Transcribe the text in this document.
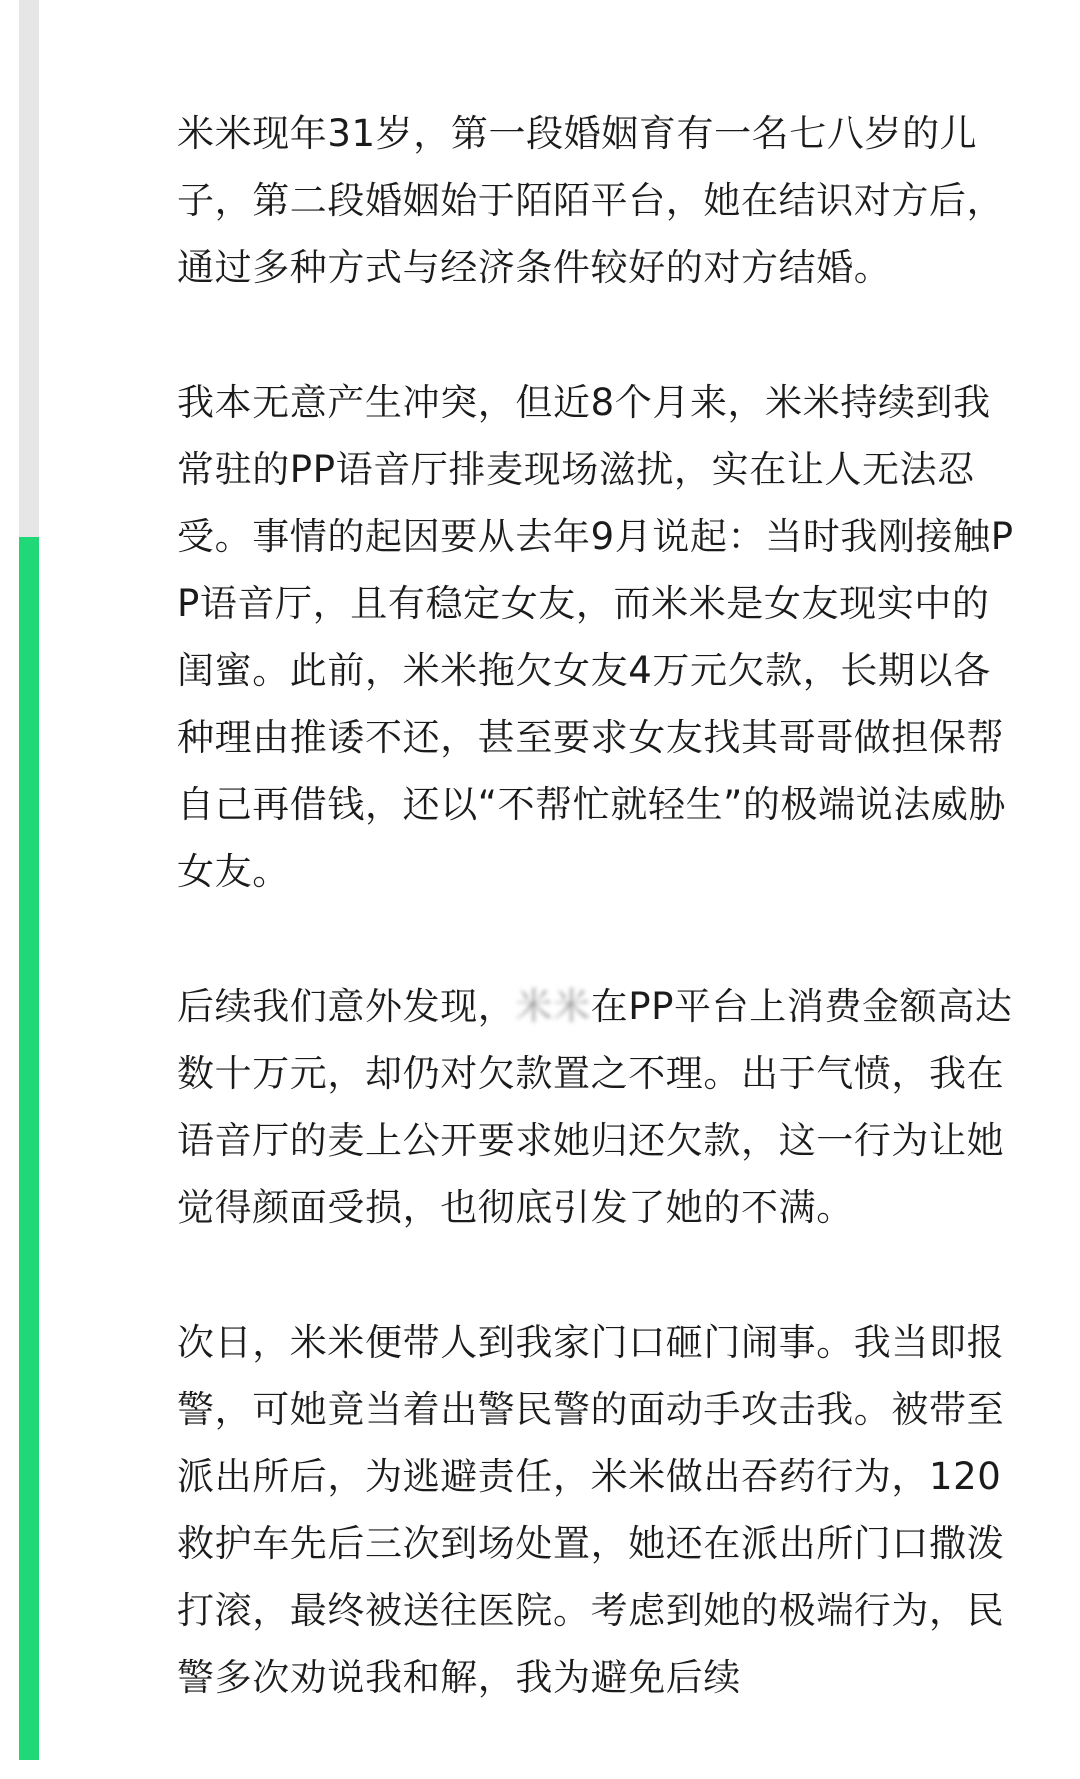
米米现年31岁，第一段婚姻育有一名七八岁的儿子，第二段婚姻始于陌陌平台，她在结识对方后，通过多种方式与经济条件较好的对方结婚。

我本无意产生冲突，但近8个月来，米米持续到我常驻的PP语音厅排麦现场滋扰，实在让人无法忍受。事情的起因要从去年9月说起：当时我刚接触PP语音厅，且有稳定女友，而米米是女友现实中的闺蜜。此前，米米拖欠女友4万元欠款，长期以各种理由推诿不还，甚至要求女友找其哥哥做担保帮自己再借钱，还以“不帮忙就轻生”的极端说法威胁女友。

后续我们意外发现，米米在PP平台上消费金额高达数十万元，却仍对欠款置之不理。出于气愤，我在语音厅的麦上公开要求她归还欠款，这一行为让她觉得颜面受损，也彻底引发了她的不满。

次日，米米便带人到我家门口砸门闹事。我当即报警，可她竟当着出警民警的面动手攻击我。被带至派出所后，为逃避责任，米米做出吞药行为，120救护车先后三次到场处置，她还在派出所门口撒泼打滚，最终被送往医院。考虑到她的极端行为，民警多次劝说我和解，我为避免后续
